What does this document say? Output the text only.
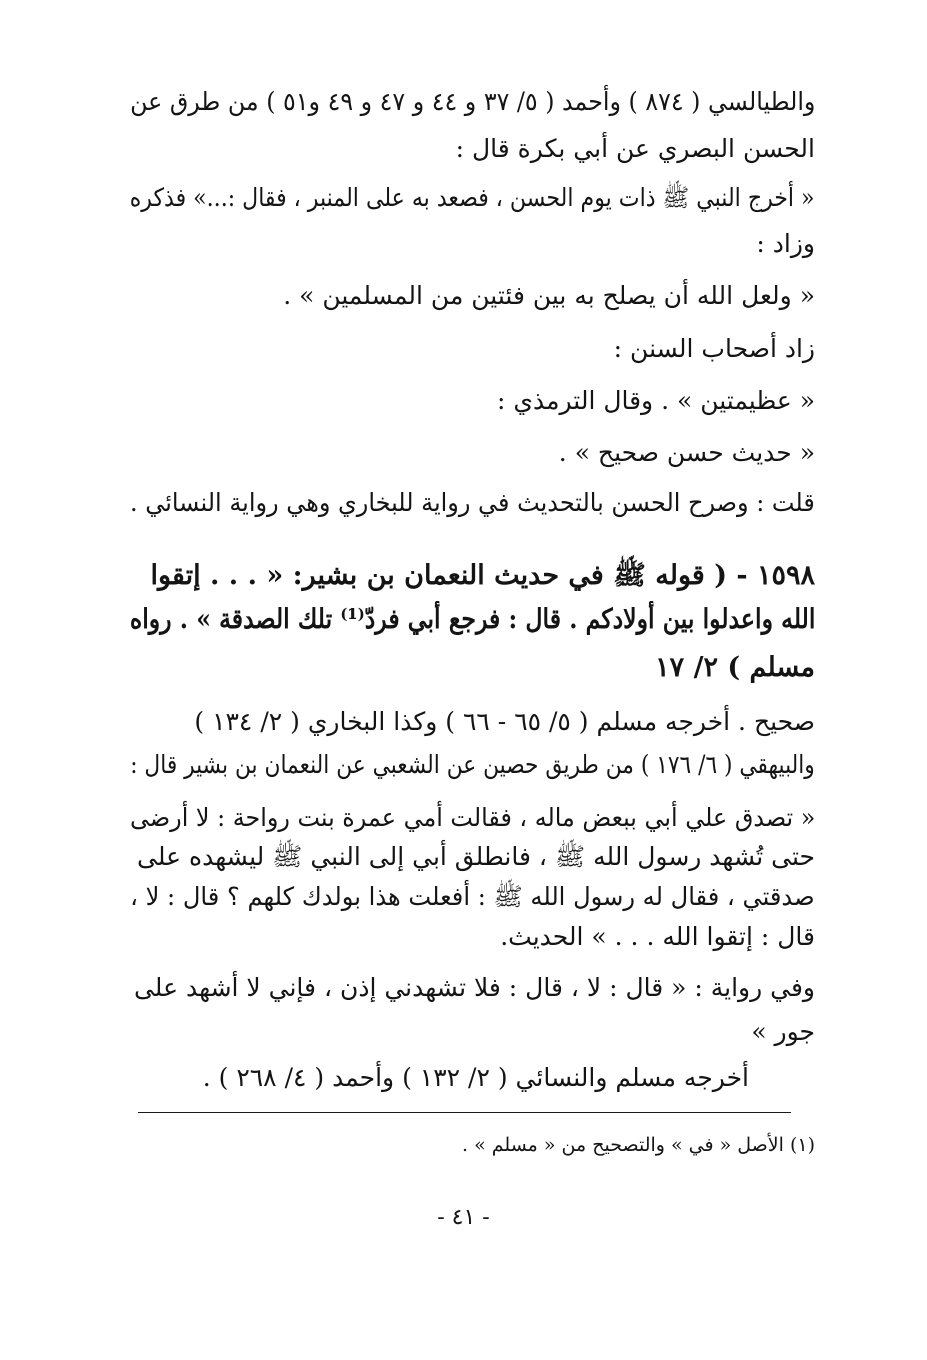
والطيالسي ( ٨٧٤ ) وأحمد ( ٥/ ٣٧ و ٤٤ و ٤٧ و ٤٩ و٥١ ) من طرق عن

الحسن البصري عن أبي بكرة قال :

« أخرج النبي ﷺ ذات يوم الحسن ، فصعد به على المنبر ، فقال :...» فذكره

وزاد :

« ولعل الله أن يصلح به بين فئتين من المسلمين » .

زاد أصحاب السنن :

« عظيمتين » . وقال الترمذي :

« حديث حسن صحيح » .

قلت : وصرح الحسن بالتحديث في رواية للبخاري وهي رواية النسائي .

١٥٩٨ - ( قوله ﷺ في حديث النعمان بن بشير: « . . . إتقوا

الله واعدلوا بين أولادكم . قال : فرجع أبي فردّ⁽¹⁾ تلك الصدقة » . رواه

مسلم ) ٢/ ١٧

صحيح . أخرجه مسلم ( ٥/ ٦٥ - ٦٦ ) وكذا البخاري ( ٢/ ١٣٤ )

والبيهقي ( ٦/ ١٧٦ ) من طريق حصين عن الشعبي عن النعمان بن بشير قال :

« تصدق علي أبي ببعض ماله ، فقالت أمي عمرة بنت رواحة : لا أرضى

حتى تُشهد رسول الله ﷺ ، فانطلق أبي إلى النبي ﷺ ليشهده على

صدقتي ، فقال له رسول الله ﷺ : أفعلت هذا بولدك كلهم ؟ قال : لا ،

قال : إتقوا الله . . . » الحديث.

وفي رواية : « قال : لا ، قال : فلا تشهدني إذن ، فإني لا أشهد على

جور »

أخرجه مسلم والنسائي ( ٢/ ١٣٢ ) وأحمد ( ٤/ ٢٦٨ ) .

(١) الأصل « في » والتصحيح من « مسلم » .
- ٤١ -
